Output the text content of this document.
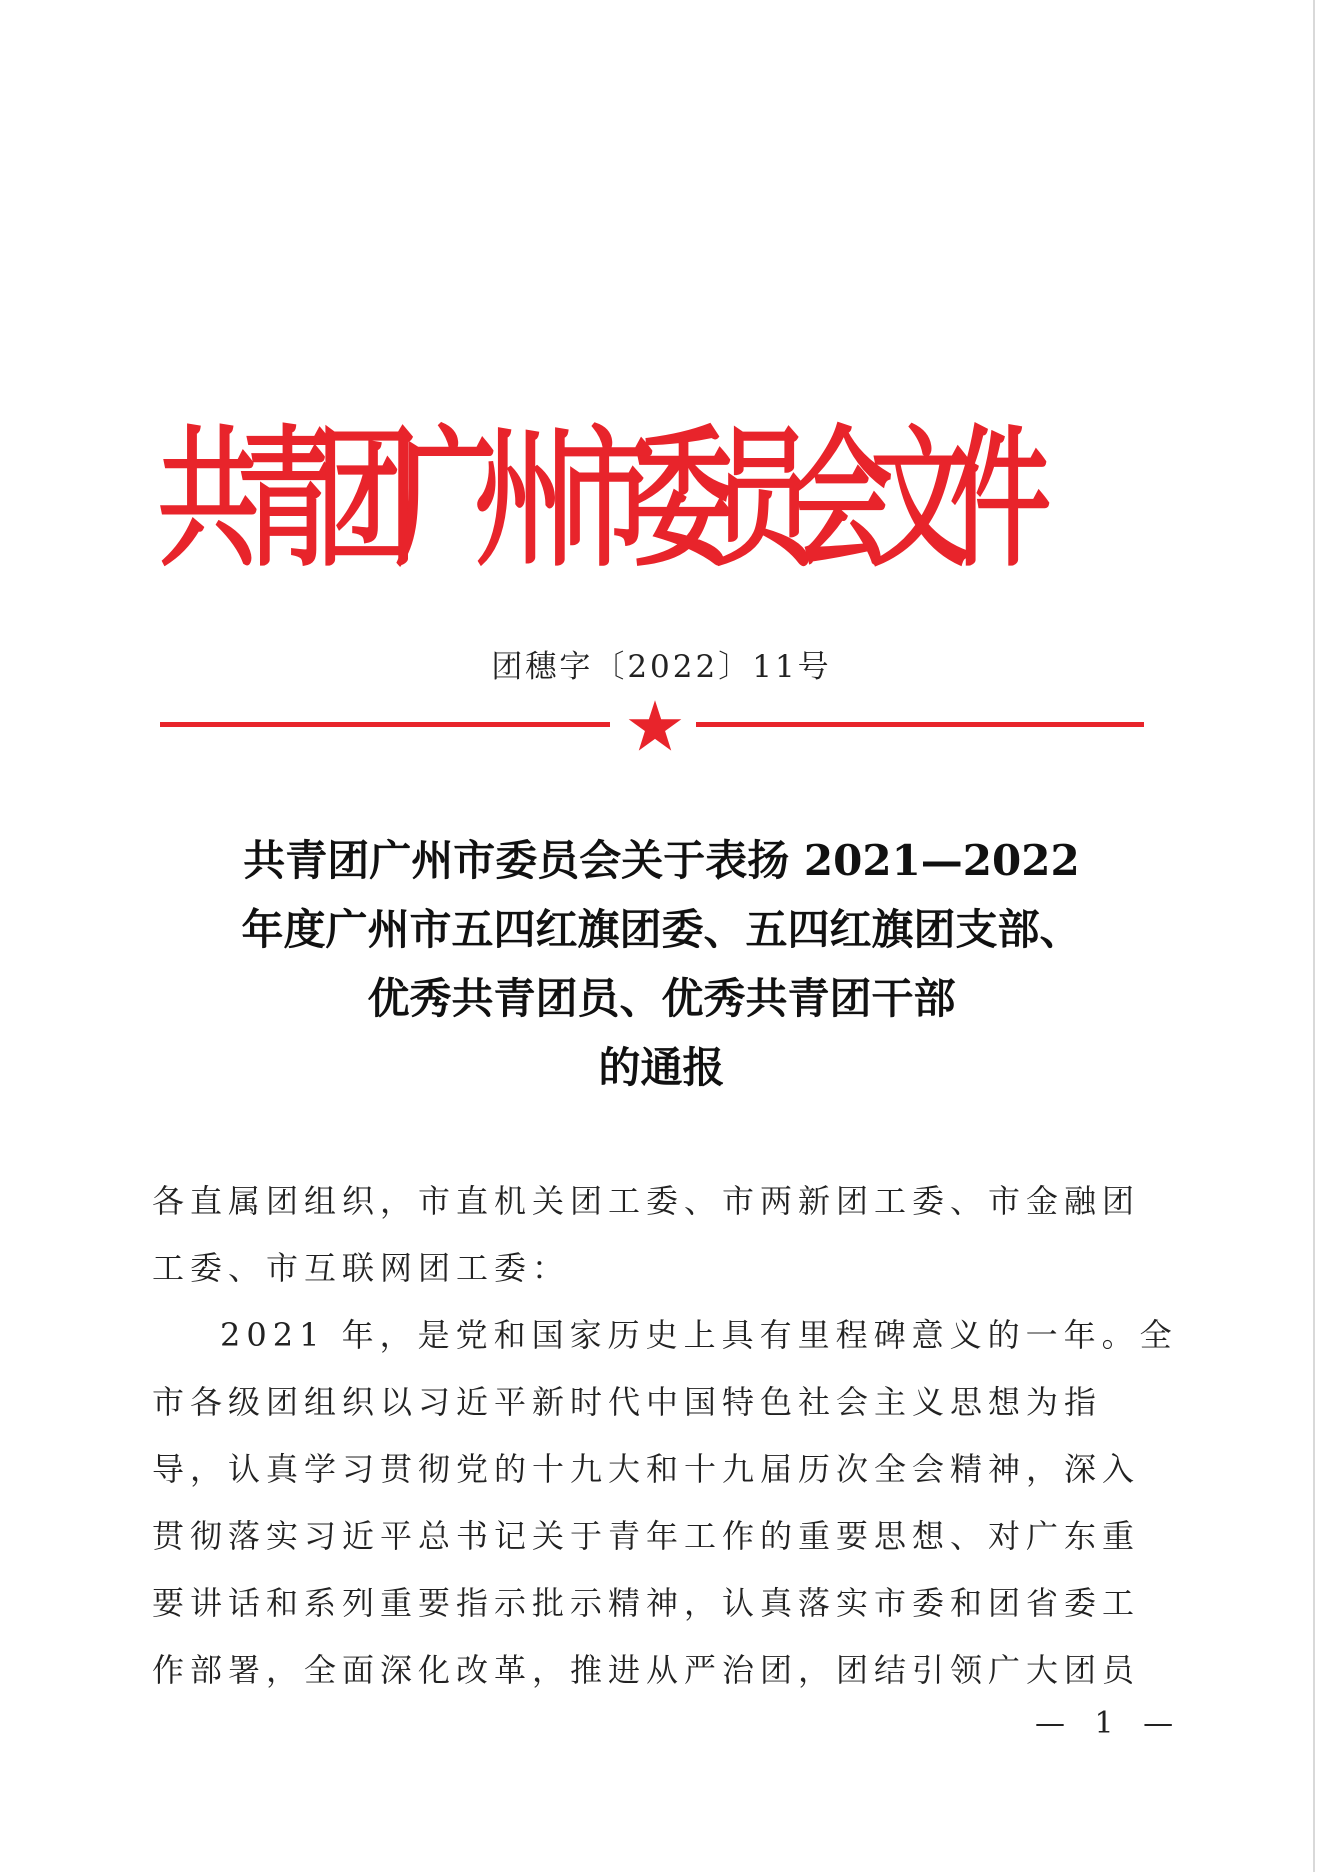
共青团广州市委员会文件
团穗字〔2022〕11号
共青团广州市委员会关于表扬 2021—2022
年度广州市五四红旗团委、五四红旗团支部、
优秀共青团员、优秀共青团干部
的通报

各直属团组织，市直机关团工委、市两新团工委、市金融团
工委、市互联网团工委：

2021 年，是党和国家历史上具有里程碑意义的一年。全
市各级团组织以习近平新时代中国特色社会主义思想为指
导，认真学习贯彻党的十九大和十九届历次全会精神，深入
贯彻落实习近平总书记关于青年工作的重要思想、对广东重
要讲话和系列重要指示批示精神，认真落实市委和团省委工
作部署，全面深化改革，推进从严治团，团结引领广大团员

— 1 —
